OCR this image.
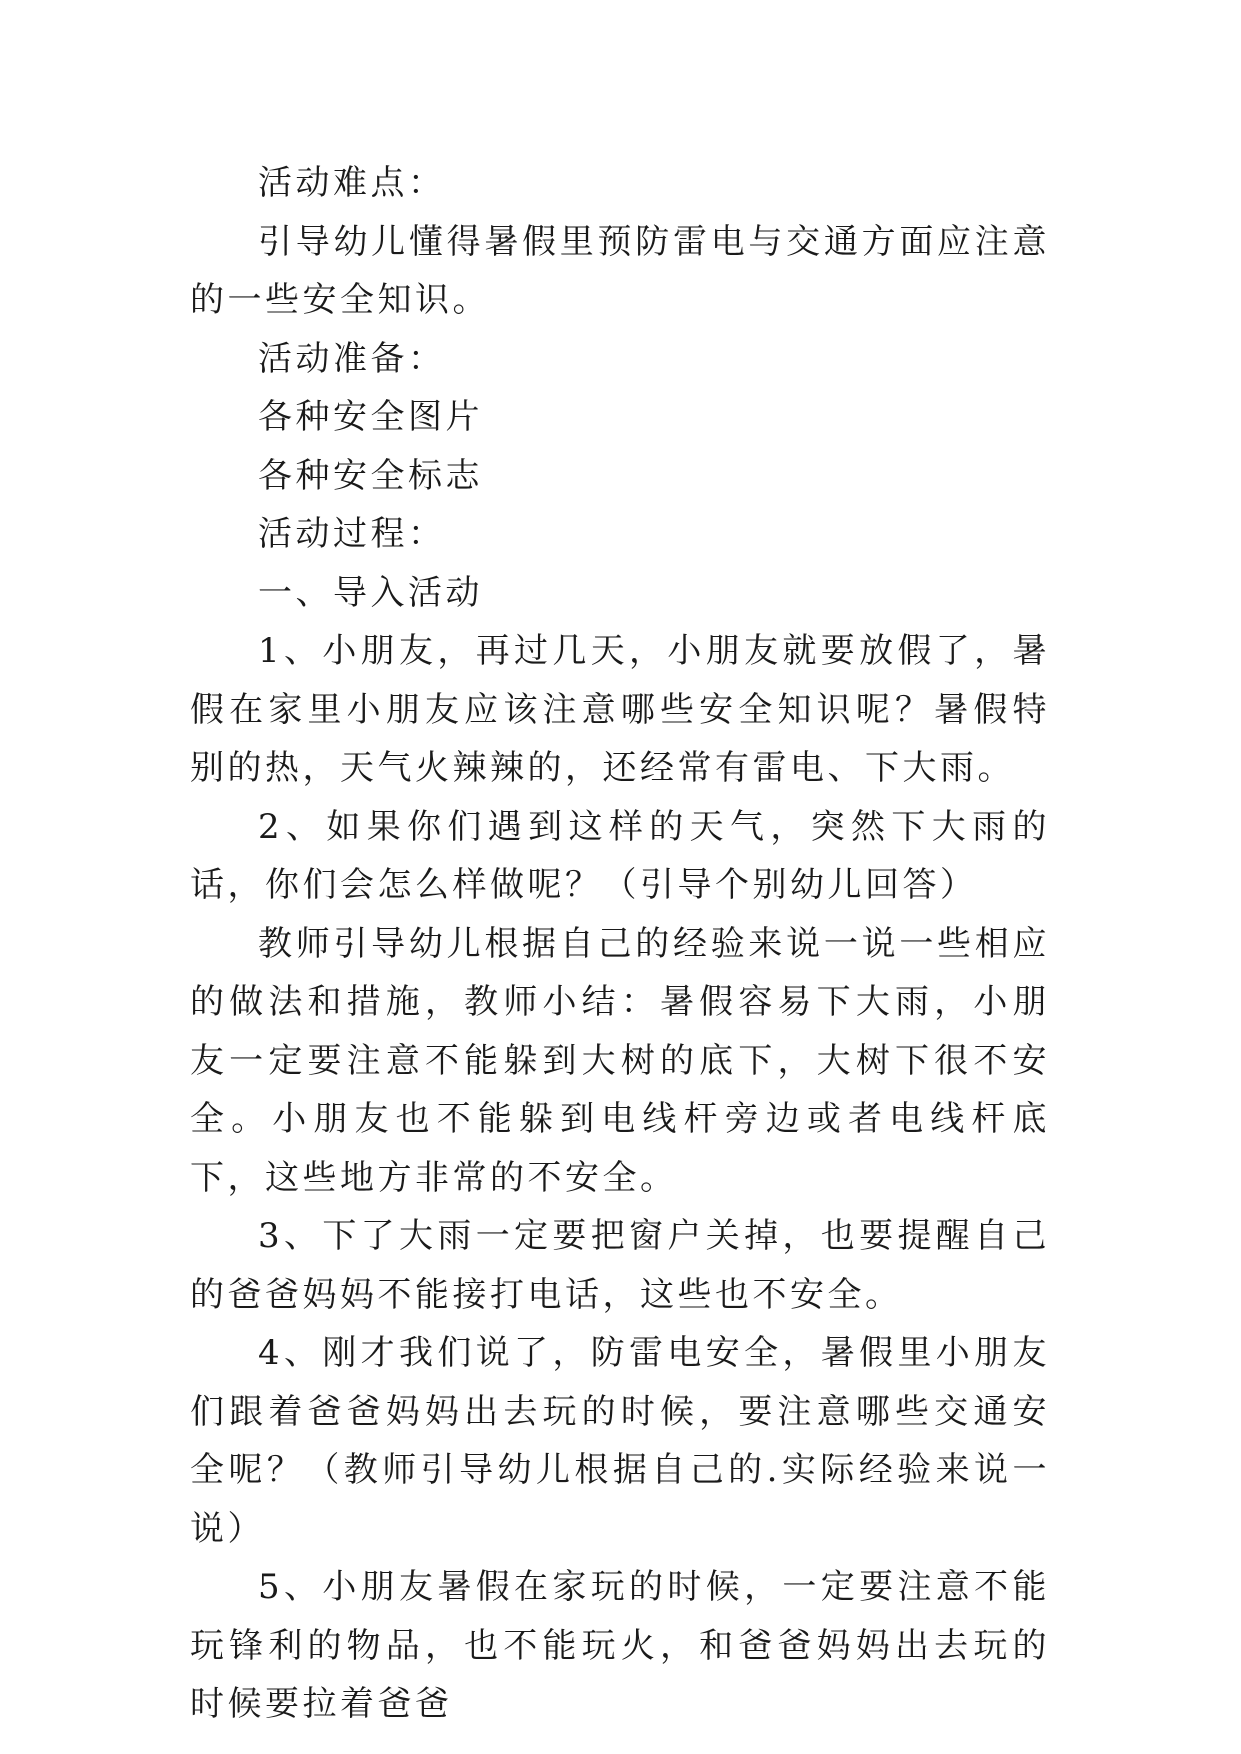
活动难点：

引导幼儿懂得暑假里预防雷电与交通方面应注意的一些安全知识。

活动准备：

各种安全图片

各种安全标志

活动过程：

一、导入活动

1、小朋友，再过几天，小朋友就要放假了，暑假在家里小朋友应该注意哪些安全知识呢？暑假特别的热，天气火辣辣的，还经常有雷电、下大雨。

2、如果你们遇到这样的天气，突然下大雨的话，你们会怎么样做呢？（引导个别幼儿回答）

教师引导幼儿根据自己的经验来说一说一些相应的做法和措施，教师小结：暑假容易下大雨，小朋友一定要注意不能躲到大树的底下，大树下很不安全。小朋友也不能躲到电线杆旁边或者电线杆底下，这些地方非常的不安全。

3、下了大雨一定要把窗户关掉，也要提醒自己的爸爸妈妈不能接打电话，这些也不安全。

4、刚才我们说了，防雷电安全，暑假里小朋友们跟着爸爸妈妈出去玩的时候，要注意哪些交通安全呢？（教师引导幼儿根据自己的.实际经验来说一说）

5、小朋友暑假在家玩的时候，一定要注意不能玩锋利的物品，也不能玩火，和爸爸妈妈出去玩的时候要拉着爸爸
